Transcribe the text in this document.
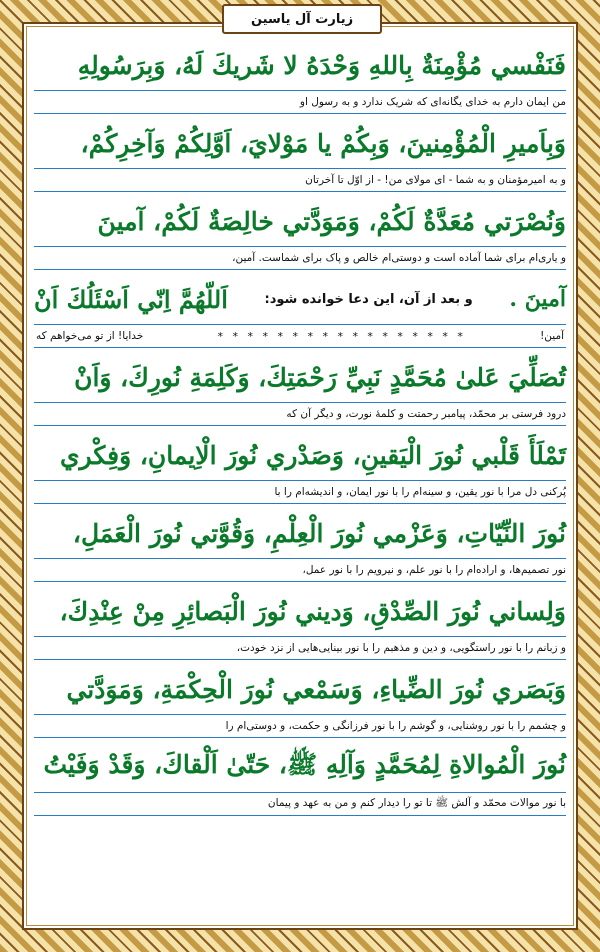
زیارت آل یاسین
فَنَفْسي مُؤْمِنَةٌ بِاللهِ وَحْدَهُ لا شَريكَ لَهُ، وَبِرَسُولِهِ
من ایمان دارم به خدای یگانه‌ای که شریک ندارد و به رسول او
وَبِاَميرِ الْمُؤْمِنينَ، وَبِكُمْ يا مَوْلايَ، اَوَّلِكُمْ وَآخِرِكُمْ،
و به امیرمؤمنان و به شما - ای مولای من! - از اوّل تا آخرتان
وَنُصْرَتي مُعَدَّةٌ لَكُمْ، وَمَوَدَّتي خالِصَةٌ لَكُمْ، آمينَ
و یاری‌ام برای شما آماده است و دوستی‌ام خالص و پاک برای شماست. آمین،
آمينَ .
و بعد از آن، این دعا خوانده شود:
اَللّهُمَّ اِنّي اَسْئَلُكَ اَنْ
آمین!
* * * * * * * * * * * * * * * * *
خدایا! از تو می‌خواهم که
تُصَلِّيَ عَلىٰ مُحَمَّدٍ نَبِيِّ رَحْمَتِكَ، وَكَلِمَةِ نُورِكَ، وَاَنْ
درود فرستی بر محمّد، پیامبر رحمتت و کلمهٔ نورت، و دیگر آن که
تَمْلَأَ قَلْبي نُورَ الْيَقينِ، وَصَدْري نُورَ الْاِيمانِ، وَفِكْري
پُرکنی دل مرا با نور یقین، و سینه‌ام را با نور ایمان، و اندیشه‌ام را با
نُورَ النِّيّاتِ، وَعَزْمي نُورَ الْعِلْمِ، وَقُوَّتي نُورَ الْعَمَلِ،
نور تصمیم‌ها، و اراده‌ام را با نور علم، و نیرویم را با نور عمل،
وَلِساني نُورَ الصِّدْقِ، وَديني نُورَ الْبَصائِرِ مِنْ عِنْدِكَ،
و زبانم را با نور راستگویی، و دین و مذهبم را با نور بینایی‌هایی از نزد خودت،
وَبَصَري نُورَ الضِّياءِ، وَسَمْعي نُورَ الْحِكْمَةِ، وَمَوَدَّتي
و چشمم را با نور روشنایی، و گوشم را با نور فرزانگی و حکمت، و دوستی‌ام را
نُورَ الْمُوالاةِ لِمُحَمَّدٍ وَآلِهِ ﷺ، حَتّىٰ اَلْقاكَ، وَقَدْ وَفَيْتُ
با نور موالات محمّد و آلش ﷺ تا تو را دیدار کنم و من به عهد و پیمان
